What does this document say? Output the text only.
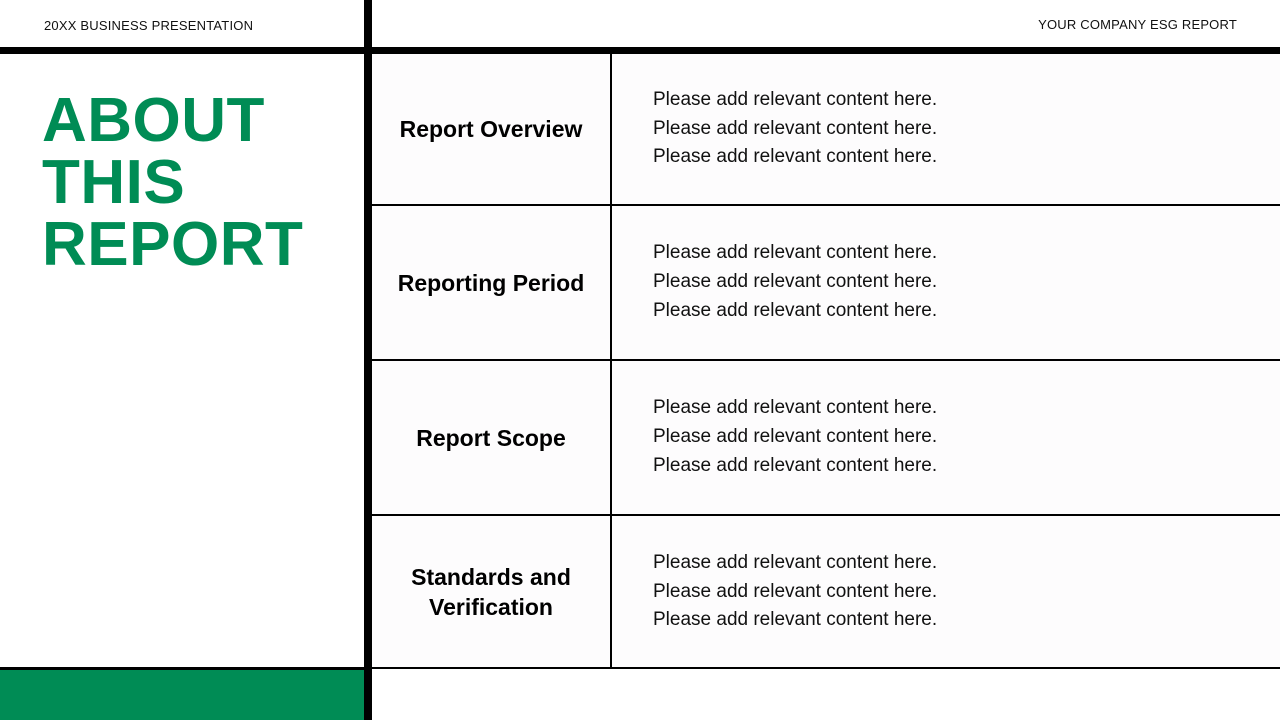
20XX BUSINESS PRESENTATION	YOUR COMPANY ESG REPORT
ABOUT
THIS
REPORT
Report Overview
Please add relevant content here.
Please add relevant content here.
Please add relevant content here.
Reporting Period
Please add relevant content here.
Please add relevant content here.
Please add relevant content here.
Report Scope
Please add relevant content here.
Please add relevant content here.
Please add relevant content here.
Standards and Verification
Please add relevant content here.
Please add relevant content here.
Please add relevant content here.
